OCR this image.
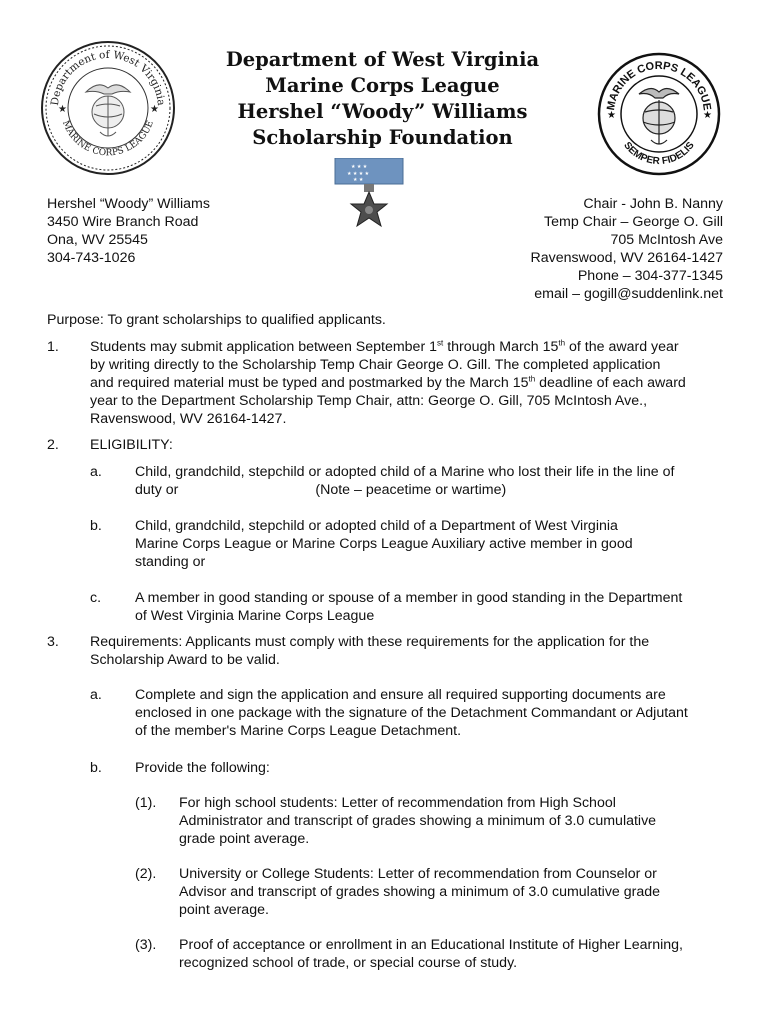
Department of West Virginia
MARINE CORPS LEAGUE
★	★	MARINE CORPS LEAGUE
SEMPER FIDELIS
★	★
Department of West Virginia
Marine Corps League
Hershel “Woody” Williams
Scholarship Foundation
★ ★ ★
★ ★ ★ ★
★ ★
Hershel “Woody” Williams
3450 Wire Branch Road
Ona, WV 25545
304-743-1026
Chair - John B. Nanny
Temp Chair – George O. Gill
705 McIntosh Ave
Ravenswood, WV 26164-1427
Phone – 304-377-1345
email – gogill@suddenlink.net
Purpose: To grant scholarships to qualified applicants.
1. Students may submit application between September 1st through March 15th of the award year
by writing directly to the Scholarship Temp Chair George O. Gill. The completed application
and required material must be typed and postmarked by the March 15th deadline of each award
year to the Department Scholarship Temp Chair, attn: George O. Gill, 705 McIntosh Ave.,
Ravenswood, WV 26164-1427.
2. ELIGIBILITY:
a. Child, grandchild, stepchild or adopted child of a Marine who lost their life in the line of
duty or	(Note – peacetime or wartime)
b. Child, grandchild, stepchild or adopted child of a Department of West Virginia
Marine Corps League or Marine Corps League Auxiliary active member in good
standing or
c. A member in good standing or spouse of a member in good standing in the Department
of West Virginia Marine Corps League
3. Requirements: Applicants must comply with these requirements for the application for the
Scholarship Award to be valid.
a. Complete and sign the application and ensure all required supporting documents are
enclosed in one package with the signature of the Detachment Commandant or Adjutant
of the member's Marine Corps League Detachment.
b. Provide the following:
(1). For high school students: Letter of recommendation from High School
Administrator and transcript of grades showing a minimum of 3.0 cumulative
grade point average.
(2). University or College Students: Letter of recommendation from Counselor or
Advisor and transcript of grades showing a minimum of 3.0 cumulative grade
point average.
(3). Proof of acceptance or enrollment in an Educational Institute of Higher Learning,
recognized school of trade, or special course of study.
